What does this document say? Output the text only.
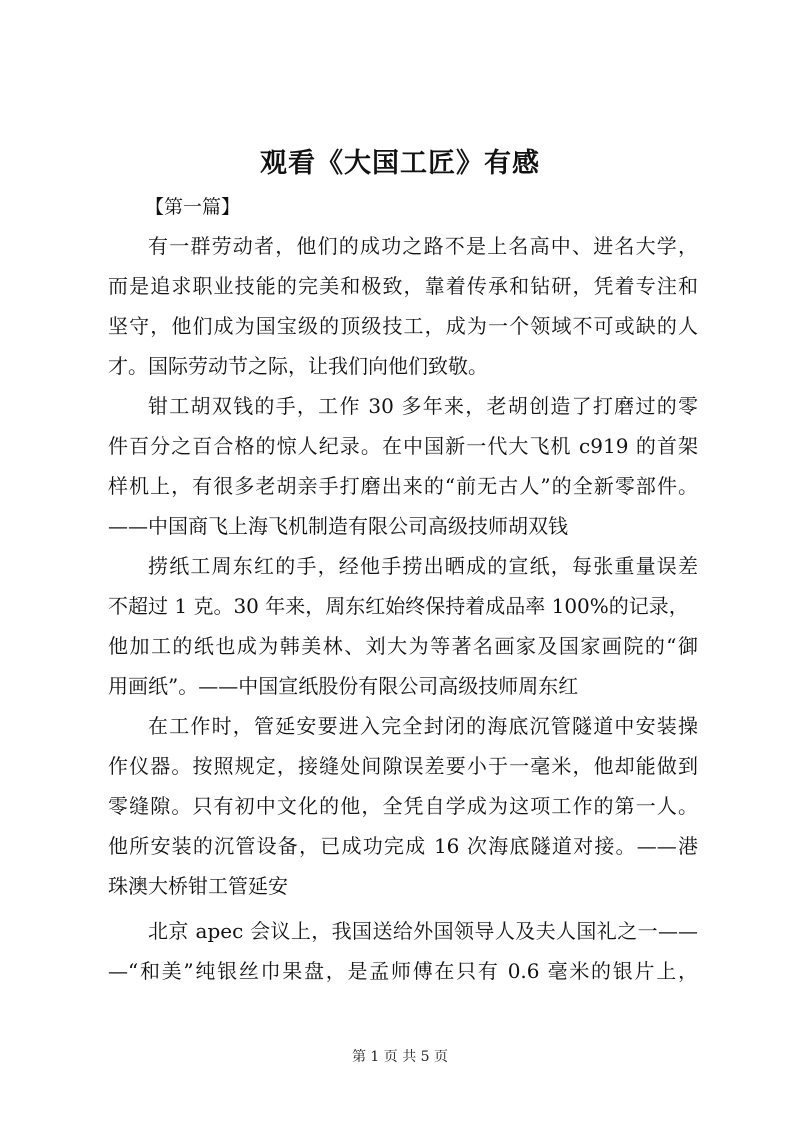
观看《大国工匠》有感
【第一篇】
有一群劳动者，他们的成功之路不是上名高中、进名大学，
而是追求职业技能的完美和极致，靠着传承和钻研，凭着专注和
坚守，他们成为国宝级的顶级技工，成为一个领域不可或缺的人
才。国际劳动节之际，让我们向他们致敬。
钳工胡双钱的手，工作 30 多年来，老胡创造了打磨过的零
件百分之百合格的惊人纪录。在中国新一代大飞机 c919 的首架
样机上，有很多老胡亲手打磨出来的“前无古人”的全新零部件。
——中国商飞上海飞机制造有限公司高级技师胡双钱
捞纸工周东红的手，经他手捞出晒成的宣纸，每张重量误差
不超过 1 克。30 年来，周东红始终保持着成品率 100%的记录，
他加工的纸也成为韩美林、刘大为等著名画家及国家画院的“御
用画纸”。——中国宣纸股份有限公司高级技师周东红
在工作时，管延安要进入完全封闭的海底沉管隧道中安装操
作仪器。按照规定，接缝处间隙误差要小于一毫米，他却能做到
零缝隙。只有初中文化的他，全凭自学成为这项工作的第一人。
他所安装的沉管设备，已成功完成 16 次海底隧道对接。——港
珠澳大桥钳工管延安
北京 apec 会议上，我国送给外国领导人及夫人国礼之一——
—“和美”纯银丝巾果盘，是孟师傅在只有 0.6 毫米的银片上，
第 1 页 共 5 页
